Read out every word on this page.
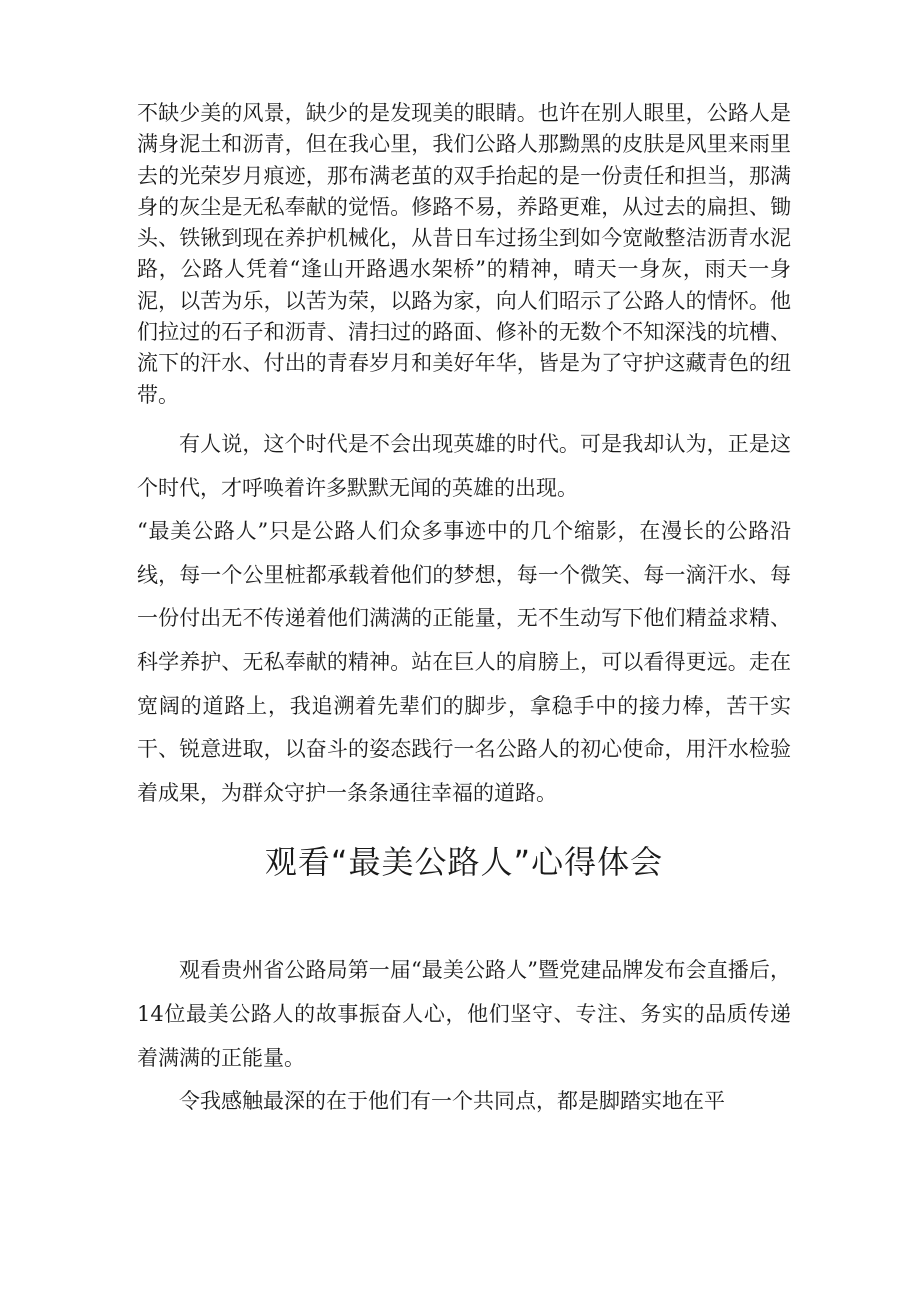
不缺少美的风景，缺少的是发现美的眼睛。也许在别人眼里，公路人是满身泥土和沥青，但在我心里，我们公路人那黝黑的皮肤是风里来雨里去的光荣岁月痕迹，那布满老茧的双手抬起的是一份责任和担当，那满身的灰尘是无私奉献的觉悟。修路不易，养路更难，从过去的扁担、锄头、铁锹到现在养护机械化，从昔日车过扬尘到如今宽敞整洁沥青水泥路，公路人凭着“逢山开路遇水架桥”的精神，晴天一身灰，雨天一身泥，以苦为乐，以苦为荣，以路为家，向人们昭示了公路人的情怀。他们拉过的石子和沥青、清扫过的路面、修补的无数个不知深浅的坑槽、流下的汗水、付出的青春岁月和美好年华，皆是为了守护这藏青色的纽带。

有人说，这个时代是不会出现英雄的时代。可是我却认为，正是这个时代，才呼唤着许多默默无闻的英雄的出现。

“最美公路人”只是公路人们众多事迹中的几个缩影，在漫长的公路沿线，每一个公里桩都承载着他们的梦想，每一个微笑、每一滴汗水、每一份付出无不传递着他们满满的正能量，无不生动写下他们精益求精、科学养护、无私奉献的精神。站在巨人的肩膀上，可以看得更远。走在宽阔的道路上，我追溯着先辈们的脚步，拿稳手中的接力棒，苦干实干、锐意进取，以奋斗的姿态践行一名公路人的初心使命，用汗水检验着成果，为群众守护一条条通往幸福的道路。

观看“最美公路人”心得体会

观看贵州省公路局第一届“最美公路人”暨党建品牌发布会直播后，14位最美公路人的故事振奋人心，他们坚守、专注、务实的品质传递着满满的正能量。

令我感触最深的在于他们有一个共同点，都是脚踏实地在平
